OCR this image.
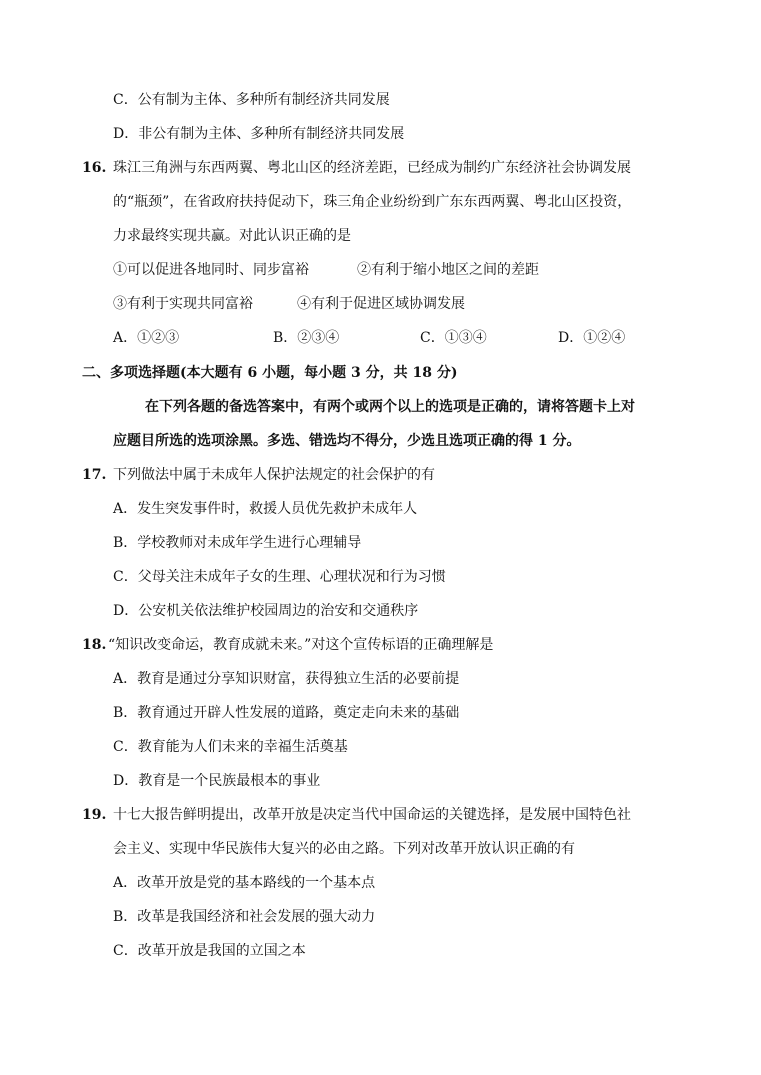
C．公有制为主体、多种所有制经济共同发展
D．非公有制为主体、多种所有制经济共同发展
16. 珠江三角洲与东西两翼、粤北山区的经济差距，已经成为制约广东经济社会协调发展
的“瓶颈”，在省政府扶持促动下，珠三角企业纷纷到广东东西两翼、粤北山区投资，
力求最终实现共赢。对此认识正确的是
①可以促进各地同时、同步富裕	②有利于缩小地区之间的差距
③有利于实现共同富裕	④有利于促进区域协调发展
A．①②③	B．②③④	C．①③④	D．①②④
二、多项选择题(本大题有 6 小题，每小题 3 分，共 18 分)
在下列各题的备选答案中，有两个或两个以上的选项是正确的，请将答题卡上对
应题目所选的选项涂黑。多选、错选均不得分，少选且选项正确的得 1 分。
17. 下列做法中属于未成年人保护法规定的社会保护的有
A．发生突发事件时，救援人员优先救护未成年人
B．学校教师对未成年学生进行心理辅导
C．父母关注未成年子女的生理、心理状况和行为习惯
D．公安机关依法维护校园周边的治安和交通秩序
18. “知识改变命运，教育成就未来。”对这个宣传标语的正确理解是
A．教育是通过分享知识财富，获得独立生活的必要前提
B．教育通过开辟人性发展的道路，奠定走向未来的基础
C．教育能为人们未来的幸福生活奠基
D．教育是一个民族最根本的事业
19. 十七大报告鲜明提出，改革开放是决定当代中国命运的关键选择，是发展中国特色社
会主义、实现中华民族伟大复兴的必由之路。下列对改革开放认识正确的有
A．改革开放是党的基本路线的一个基本点
B．改革是我国经济和社会发展的强大动力
C．改革开放是我国的立国之本
